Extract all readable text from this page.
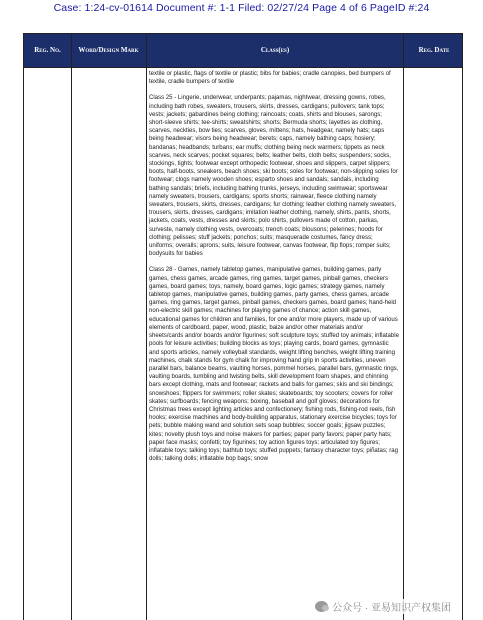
Case: 1:24-cv-01614 Document #: 1-1 Filed: 02/27/24 Page 4 of 6 PageID #:24
Reg. No.	Word/Design Mark	Class(es)	Reg. Date

textile or plastic, flags of textile or plastic; bibs for babies; cradle canopies, bed bumpers of textile, cradle bumpers of textile

Class 25 - Lingerie, underwear, underpants; pajamas, nightwear, dressing gowns, robes, including bath robes, sweaters, trousers, skirts, dresses, cardigans; pullovers; tank tops; vests; jackets; gabardines being clothing; raincoats; coats, shirts and blouses, sarongs; short-sleeve shirts; tee-shirts; sweatshirts; shorts; Bermuda shorts; layettes as clothing, scarves, neckties, bow ties; scarves, gloves, mittens; hats, headgear, namely hats; caps being headwear; visors being headwear; berets; caps, namely bathing caps; hosiery; bandanas; headbands; turbans; ear muffs; clothing being neck warmers; tippets as neck scarves, neck scarves; pocket squares; belts; leather belts, cloth belts; suspenders; socks, stockings, tights; footwear except orthopedic footwear, shoes and slippers, carpet slippers; boots, half-boots, sneakers, beach shoes; ski boots; soles for footwear, non-slipping soles for footwear; clogs namely wooden shoes; esparto shoes and sandals; sandals, including bathing sandals; briefs, including bathing trunks, jerseys, including swimwear; sportswear namely sweaters, trousers, cardigans; sports shorts; rainwear, fleece clothing namely sweaters, trousers, skirts, dresses, cardigans; fur clothing; leather clothing namely sweaters, trousers, skirts, dresses, cardigans; imitation leather clothing, namely, shirts, pants, shorts, jackets, coats, vests, dresses and skirts; polo shirts, pullovers made of cotton, parkas, surveste, namely clothing vests, overcoats; trench coats; blousons; pelerines; hoods for clothing; pelisses; stuff jackets; ponchos; suits; masquerade costumes, fancy dress; uniforms; overalls; aprons; suits, leisure footwear, canvas footwear, flip flops; romper suits; bodysuits for babies

Class 28 - Games, namely tabletop games, manipulative games, building games, party games, chess games, arcade games, ring games, target games, pinball games, checkers games, board games; toys, namely, board games, logic games; strategy games, namely tabletop games, manipulative games, building games, party games, chess games, arcade games, ring games, target games, pinball games, checkers games, board games; hand-held non-electric skill games; machines for playing games of chance; action skill games, educational games for children and families, for one and/or more players, made up of various elements of cardboard, paper, wood, plastic, baize and/or other materials and/or sheets/cards and/or boards and/or figurines; soft sculpture toys; stuffed toy animals; inflatable pools for leisure activities; building blocks as toys; playing cards, board games, gymnastic and sports articles, namely volleyball standards, weight lifting benches, weight lifting training machines, chalk stands for gym chalk for improving hand grip in sports activities, uneven parallel bars, balance beams, vaulting horses, pommel horses, parallel bars, gymnastic rings, vaulting boards, tumbling and twisting belts, skill development foam shapes, and chinning bars except clothing, mats and footwear; rackets and balls for games; skis and ski bindings; snowshoes; flippers for swimmers; roller skates; skateboards; toy scooters; covers for roller skates; surfboards; fencing weapons; boxing, baseball and golf gloves; decorations for Christmas trees except lighting articles and confectionery; fishing rods, fishing-rod reels, fish hooks; exercise machines and body-building apparatus, stationary exercise bicycles; toys for pets; bubble making wand and solution sets soap bubbles; soccer goals; jigsaw puzzles; kites; novelty plush toys and noise makers for parties; paper party favors; paper party hats; paper face masks; confetti; toy figurines; toy action figures toys; articulated toy figures; inflatable toys; talking toys; bathtub toys; stuffed puppets; fantasy character toys; piñatas; rag dolls; talking dolls; inflatable bop bags; snow

公众号 · 亚易知识产权集团
